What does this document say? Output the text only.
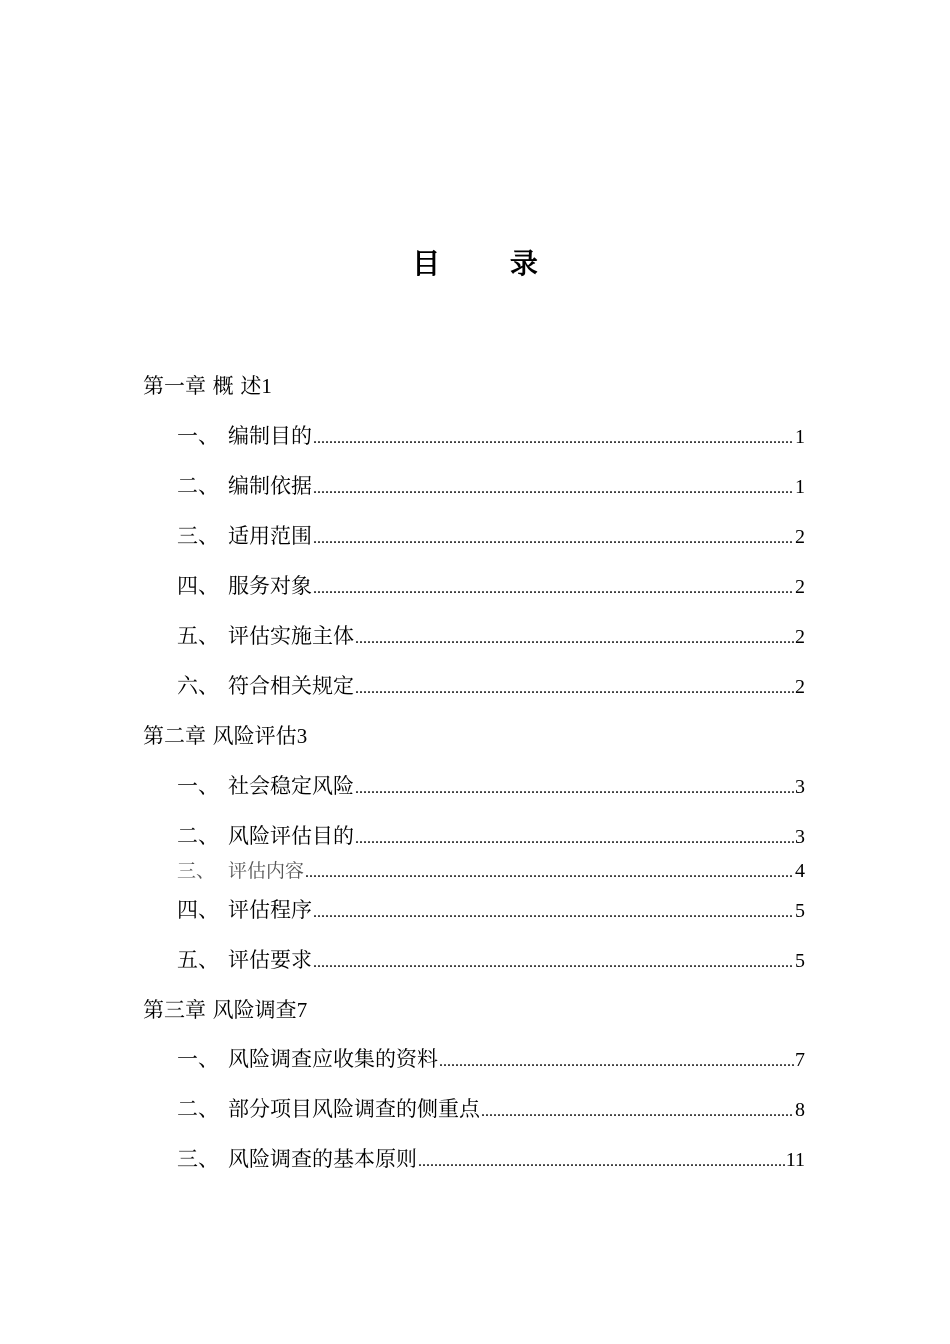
目 录
第一章 概 述1
一、 编制目的 .....	1
二、 编制依据 .....	1
三、 适用范围 .....	2
四、 服务对象 .....	2
五、 评估实施主体 .....	2
六、 符合相关规定 .....	2
第二章 风险评估3
一、 社会稳定风险 .....	3
二、 风险评估目的 .....	3
三、 评估内容 .....	4
四、 评估程序 .....	5
五、 评估要求 .....	5
第三章 风险调查7
一、 风险调查应收集的资料 .....	7
二、 部分项目风险调查的侧重点 .....	8
三、 风险调查的基本原则 .....	11
